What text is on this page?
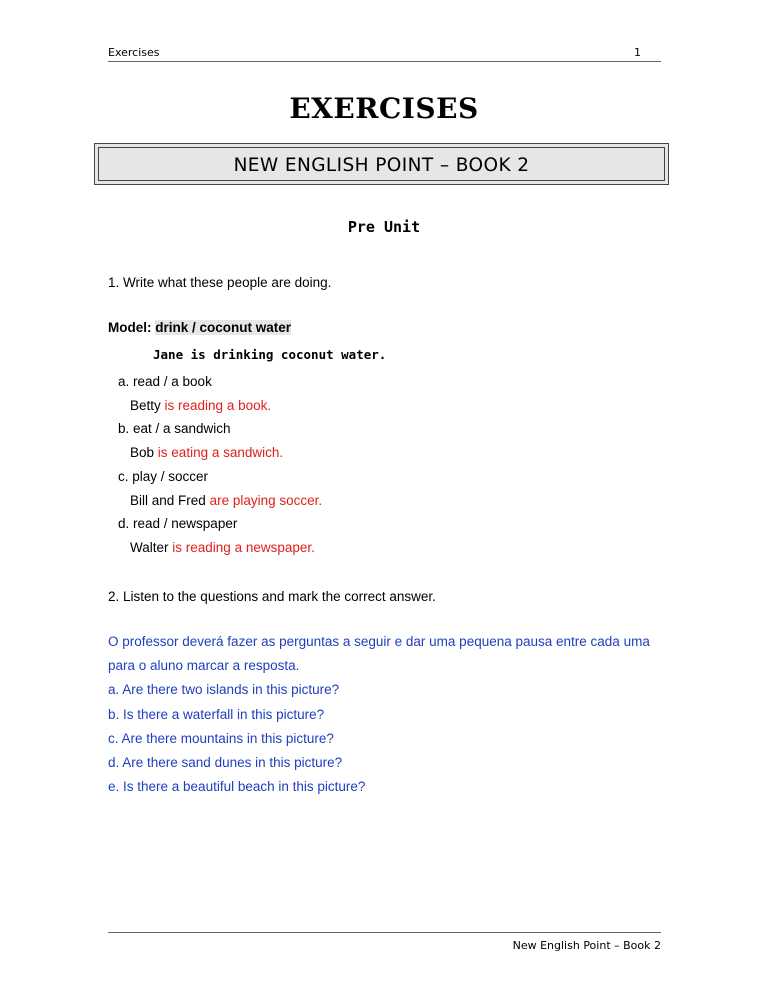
Exercises	1
EXERCISES
NEW ENGLISH POINT – BOOK 2
Pre Unit
1. Write what these people are doing.
Model: drink / coconut water
Jane is drinking coconut water.
a. read / a book
Betty is reading a book.
b. eat / a sandwich
Bob is eating a sandwich.
c. play / soccer
Bill and Fred are playing soccer.
d. read / newspaper
Walter is reading a newspaper.
2. Listen to the questions and mark the correct answer.
O professor deverá fazer as perguntas a seguir e dar uma pequena pausa entre cada uma
para o aluno marcar a resposta.
a. Are there two islands in this picture?
b. Is there a waterfall in this picture?
c. Are there mountains in this picture?
d. Are there sand dunes in this picture?
e. Is there a beautiful beach in this picture?
New English Point – Book 2
